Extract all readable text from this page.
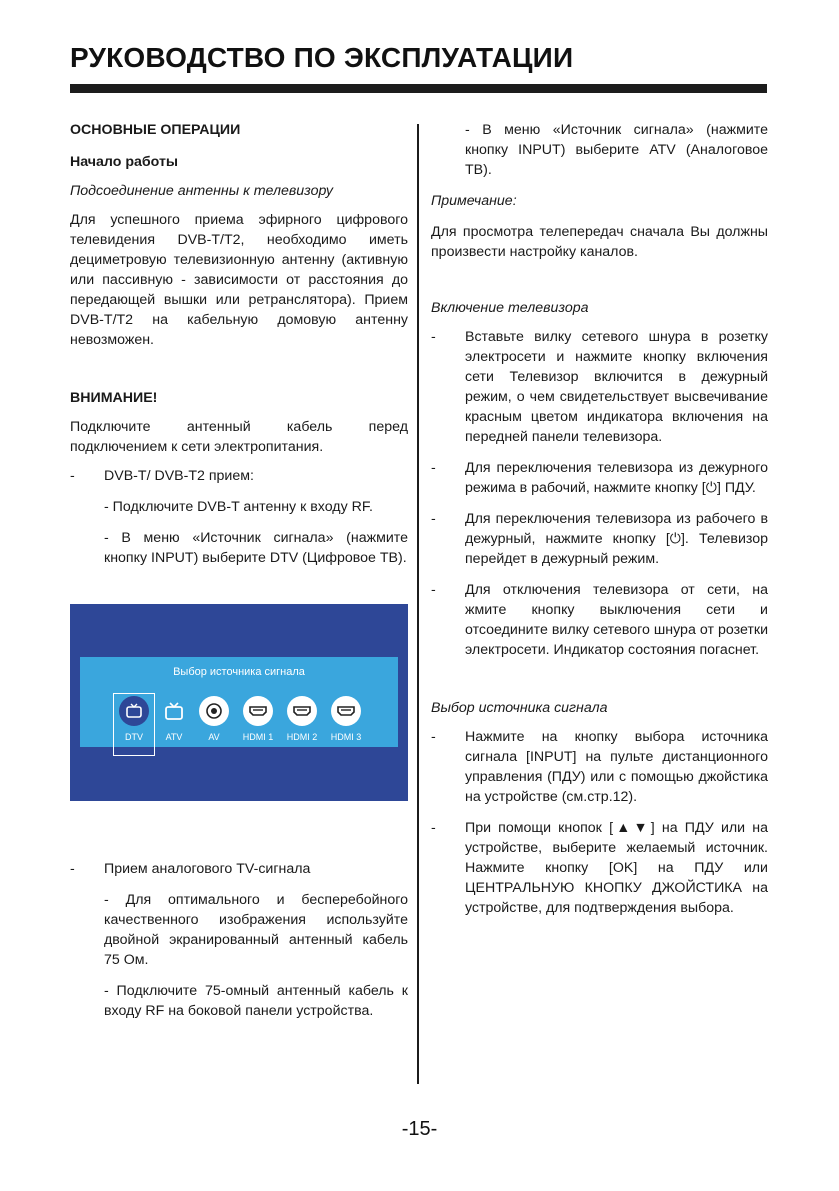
РУКОВОДСТВО ПО ЭКСПЛУАТАЦИИ
ОСНОВНЫЕ ОПЕРАЦИИ
Начало работы
Подсоединение антенны к телевизору

Для успешного приема эфирного цифрового телевидения DVB-T/T2, необходимо иметь дециметровую телевизионную антенну (активную или пассивную - зависимости от расстояния до передающей вышки или ретранслятора). Прием DVB-T/T2 на кабельную домовую антенну невозможен.

ВНИМАНИЕ!

Подключите антенный кабель перед подключением к сети электропитания.

-	DVB-T/ DVB-T2 прием:

- Подключите DVB-T антенну к входу RF.

- В меню «Источник сигнала» (нажмите кнопку INPUT) выберите DTV (Цифровое ТВ).

Выбор источника сигнала
DTV	ATV	AV	HDMI 1	HDMI 2	HDMI 3
-	Прием аналогового TV-сигнала

- Для оптимального и бесперебойного качественного изображения используйте двойной экранированный антенный кабель 75 Ом.

- Подключите 75-омный антенный кабель к входу RF на боковой панели устройства.

- В меню «Источник сигнала» (нажмите кнопку INPUT) выберите ATV (Аналоговое ТВ).

Примечание:

Для просмотра телепередач сначала Вы должны произвести настройку каналов.

Включение телевизора
-	Вставьте вилку сетевого шнура в розетку электросети и нажмите кнопку включения сети Телевизор включится в дежурный режим, о чем свидетельствует высвечивание красным цветом индикатора включения на передней панели телевизора.
-	Для переключения телевизора из дежурного режима в рабочий, нажмите кнопку [⏻] ПДУ.
-	Для переключения телевизора из рабочего в дежурный, нажмите кнопку [⏻]. Телевизор перейдет в дежурный режим.
-	Для отключения телевизора от сети, на жмите кнопку выключения сети и отсоедините вилку сетевого шнура от розетки электросети. Индикатор состояния погаснет.
Выбор источника сигнала
-	Нажмите на кнопку выбора источника сигнала [INPUT] на пульте дистанционного управления (ПДУ) или с помощью джойстика на устройстве (см.стр.12).
-	При помощи кнопок [▲▼] на ПДУ или на устройстве, выберите желаемый источник. Нажмите кнопку [OK] на ПДУ или ЦЕНТРАЛЬНУЮ КНОПКУ ДЖОЙСТИКА на устройстве, для подтверждения выбора.
-15-
